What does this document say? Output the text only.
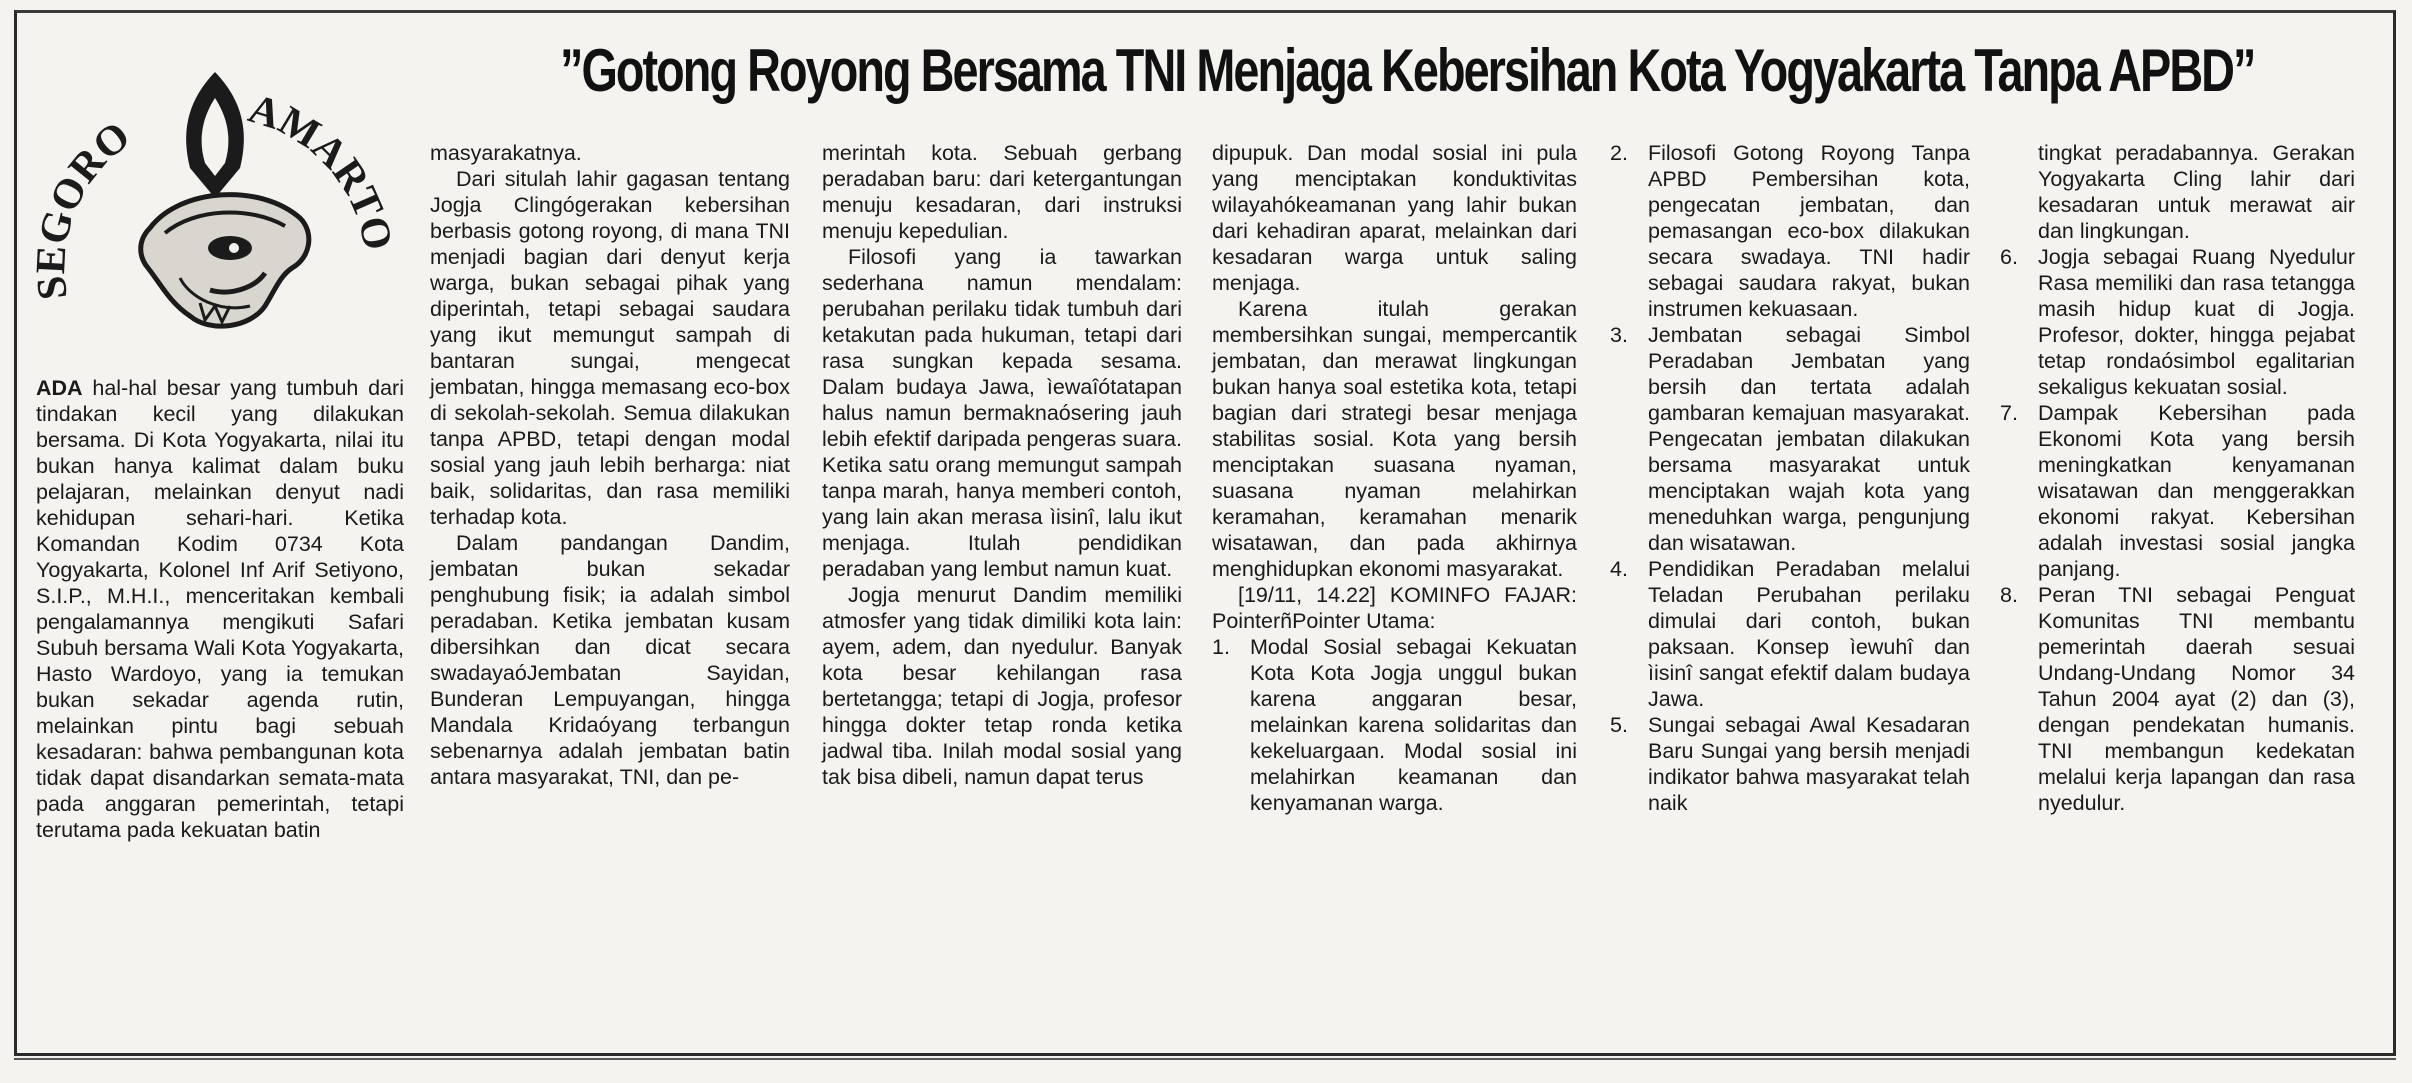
”Gotong Royong Bersama TNI Menjaga Kebersihan Kota Yogyakarta Tanpa APBD”
SEGORO
AMARTO

ADA hal-hal besar yang tumbuh dari tindakan kecil yang dilakukan bersama. Di Kota Yogyakarta, nilai itu bukan hanya kalimat dalam buku pelajaran, melainkan denyut nadi kehidupan sehari-hari. Ketika Komandan Kodim 0734 Kota Yogyakarta, Kolonel Inf Arif Setiyono, S.I.P., M.H.I., menceritakan kembali pengalamannya mengikuti Safari Subuh bersama Wali Kota Yogyakarta, Hasto Wardoyo, yang ia temukan bukan sekadar agenda rutin, melainkan pintu bagi sebuah kesadaran: bahwa pembangunan kota tidak dapat disandarkan semata-mata pada anggaran pemerintah, tetapi terutama pada kekuatan batin

masyarakatnya.

Dari situlah lahir gagasan tentang Jogja Clingógerakan kebersihan berbasis gotong royong, di mana TNI menjadi bagian dari denyut kerja warga, bukan sebagai pihak yang diperintah, tetapi sebagai saudara yang ikut memungut sampah di bantaran sungai, mengecat jembatan, hingga memasang eco-box di sekolah-sekolah. Semua dilakukan tanpa APBD, tetapi dengan modal sosial yang jauh lebih berharga: niat baik, solidaritas, dan rasa memiliki terhadap kota.

Dalam pandangan Dandim, jembatan bukan sekadar penghubung fisik; ia adalah simbol peradaban. Ketika jembatan kusam dibersihkan dan dicat secara swadayaóJembatan Sayidan, Bunderan Lempuyangan, hingga Mandala Kridaóyang terbangun sebenarnya adalah jembatan batin antara masyarakat, TNI, dan pe-

merintah kota. Sebuah gerbang peradaban baru: dari ketergantungan menuju kesadaran, dari instruksi menuju kepedulian.

Filosofi yang ia tawarkan sederhana namun mendalam: perubahan perilaku tidak tumbuh dari ketakutan pada hukuman, tetapi dari rasa sungkan kepada sesama. Dalam budaya Jawa, ìewaîótatapan halus namun bermaknaósering jauh lebih efektif daripada pengeras suara. Ketika satu orang memungut sampah tanpa marah, hanya memberi contoh, yang lain akan merasa ìisinî, lalu ikut menjaga. Itulah pendidikan peradaban yang lembut namun kuat.

Jogja menurut Dandim memiliki atmosfer yang tidak dimiliki kota lain: ayem, adem, dan nyedulur. Banyak kota besar kehilangan rasa bertetangga; tetapi di Jogja, profesor hingga dokter tetap ronda ketika jadwal tiba. Inilah modal sosial yang tak bisa dibeli, namun dapat terus

dipupuk. Dan modal sosial ini pula yang menciptakan konduktivitas wilayahókeamanan yang lahir bukan dari kehadiran aparat, melainkan dari kesadaran warga untuk saling menjaga.

Karena itulah gerakan membersihkan sungai, mempercantik jembatan, dan merawat lingkungan bukan hanya soal estetika kota, tetapi bagian dari strategi besar menjaga stabilitas sosial. Kota yang bersih menciptakan suasana nyaman, suasana nyaman melahirkan keramahan, keramahan menarik wisatawan, dan pada akhirnya menghidupkan ekonomi masyarakat.

[19/11, 14.22] KOMINFO FAJAR: PointerñPointer Utama:

1. Modal Sosial sebagai Kekuatan Kota Kota Jogja unggul bukan karena anggaran besar, melainkan karena solidaritas dan kekeluargaan. Modal sosial ini melahirkan keamanan dan kenyamanan warga.
2. Filosofi Gotong Royong Tanpa APBD Pembersihan kota, pengecatan jembatan, dan pemasangan eco-box dilakukan secara swadaya. TNI hadir sebagai saudara rakyat, bukan instrumen kekuasaan.
3. Jembatan sebagai Simbol Peradaban Jembatan yang bersih dan tertata adalah gambaran kemajuan masyarakat. Pengecatan jembatan dilakukan bersama masyarakat untuk menciptakan wajah kota yang meneduhkan warga, pengunjung dan wisatawan.
4. Pendidikan Peradaban melalui Teladan Perubahan perilaku dimulai dari contoh, bukan paksaan. Konsep ìewuhî dan ìisinî sangat efektif dalam budaya Jawa.
5. Sungai sebagai Awal Kesadaran Baru Sungai yang bersih menjadi indikator bahwa masyarakat telah naik
tingkat peradabannya. Gerakan Yogyakarta Cling lahir dari kesadaran untuk merawat air dan lingkungan.
6. Jogja sebagai Ruang Nyedulur Rasa memiliki dan rasa tetangga masih hidup kuat di Jogja. Profesor, dokter, hingga pejabat tetap rondaósimbol egalitarian sekaligus kekuatan sosial.
7. Dampak Kebersihan pada Ekonomi Kota yang bersih meningkatkan kenyamanan wisatawan dan menggerakkan ekonomi rakyat. Kebersihan adalah investasi sosial jangka panjang.
8. Peran TNI sebagai Penguat Komunitas TNI membantu pemerintah daerah sesuai Undang-Undang Nomor 34 Tahun 2004 ayat (2) dan (3), dengan pendekatan humanis. TNI membangun kedekatan melalui kerja lapangan dan rasa nyedulur.
